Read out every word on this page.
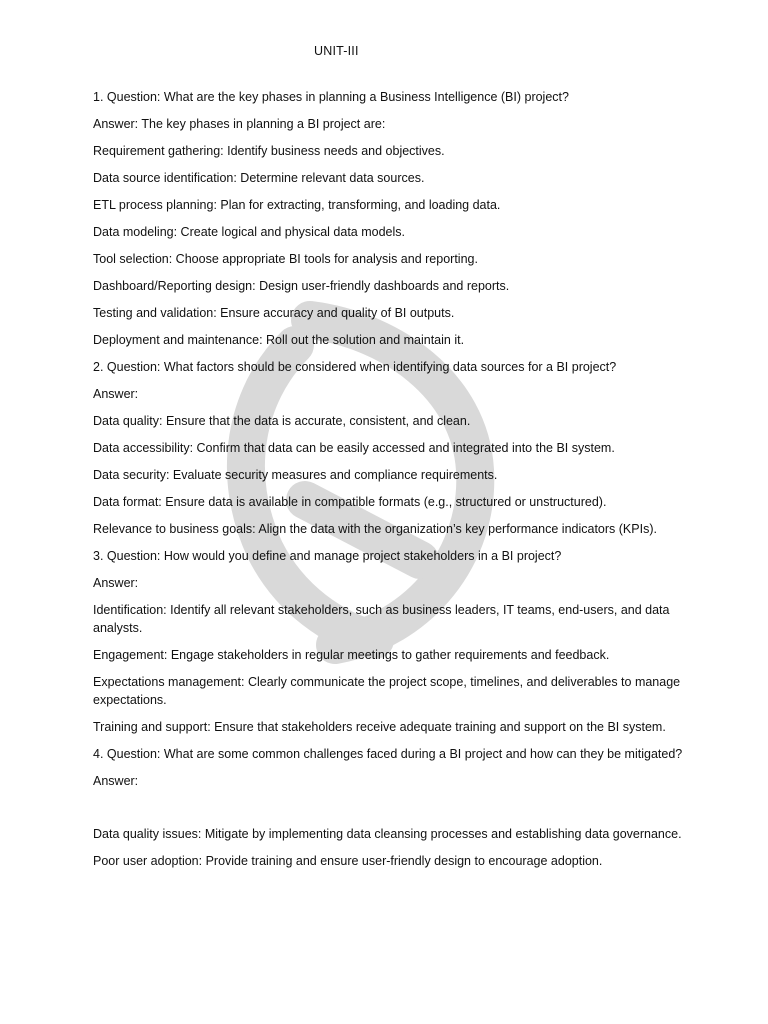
UNIT-III

1. Question: What are the key phases in planning a Business Intelligence (BI) project?

Answer: The key phases in planning a BI project are:

Requirement gathering: Identify business needs and objectives.

Data source identification: Determine relevant data sources.

ETL process planning: Plan for extracting, transforming, and loading data.

Data modeling: Create logical and physical data models.

Tool selection: Choose appropriate BI tools for analysis and reporting.

Dashboard/Reporting design: Design user-friendly dashboards and reports.

Testing and validation: Ensure accuracy and quality of BI outputs.

Deployment and maintenance: Roll out the solution and maintain it.

2. Question: What factors should be considered when identifying data sources for a BI project?

Answer:

Data quality: Ensure that the data is accurate, consistent, and clean.

Data accessibility: Confirm that data can be easily accessed and integrated into the BI system.

Data security: Evaluate security measures and compliance requirements.

Data format: Ensure data is available in compatible formats (e.g., structured or unstructured).

Relevance to business goals: Align the data with the organization’s key performance indicators (KPIs).

3. Question: How would you define and manage project stakeholders in a BI project?

Answer:

Identification: Identify all relevant stakeholders, such as business leaders, IT teams, end-users, and data analysts.

Engagement: Engage stakeholders in regular meetings to gather requirements and feedback.

Expectations management: Clearly communicate the project scope, timelines, and deliverables to manage expectations.

Training and support: Ensure that stakeholders receive adequate training and support on the BI system.

4. Question: What are some common challenges faced during a BI project and how can they be mitigated?

Answer:

Data quality issues: Mitigate by implementing data cleansing processes and establishing data governance.

Poor user adoption: Provide training and ensure user-friendly design to encourage adoption.
